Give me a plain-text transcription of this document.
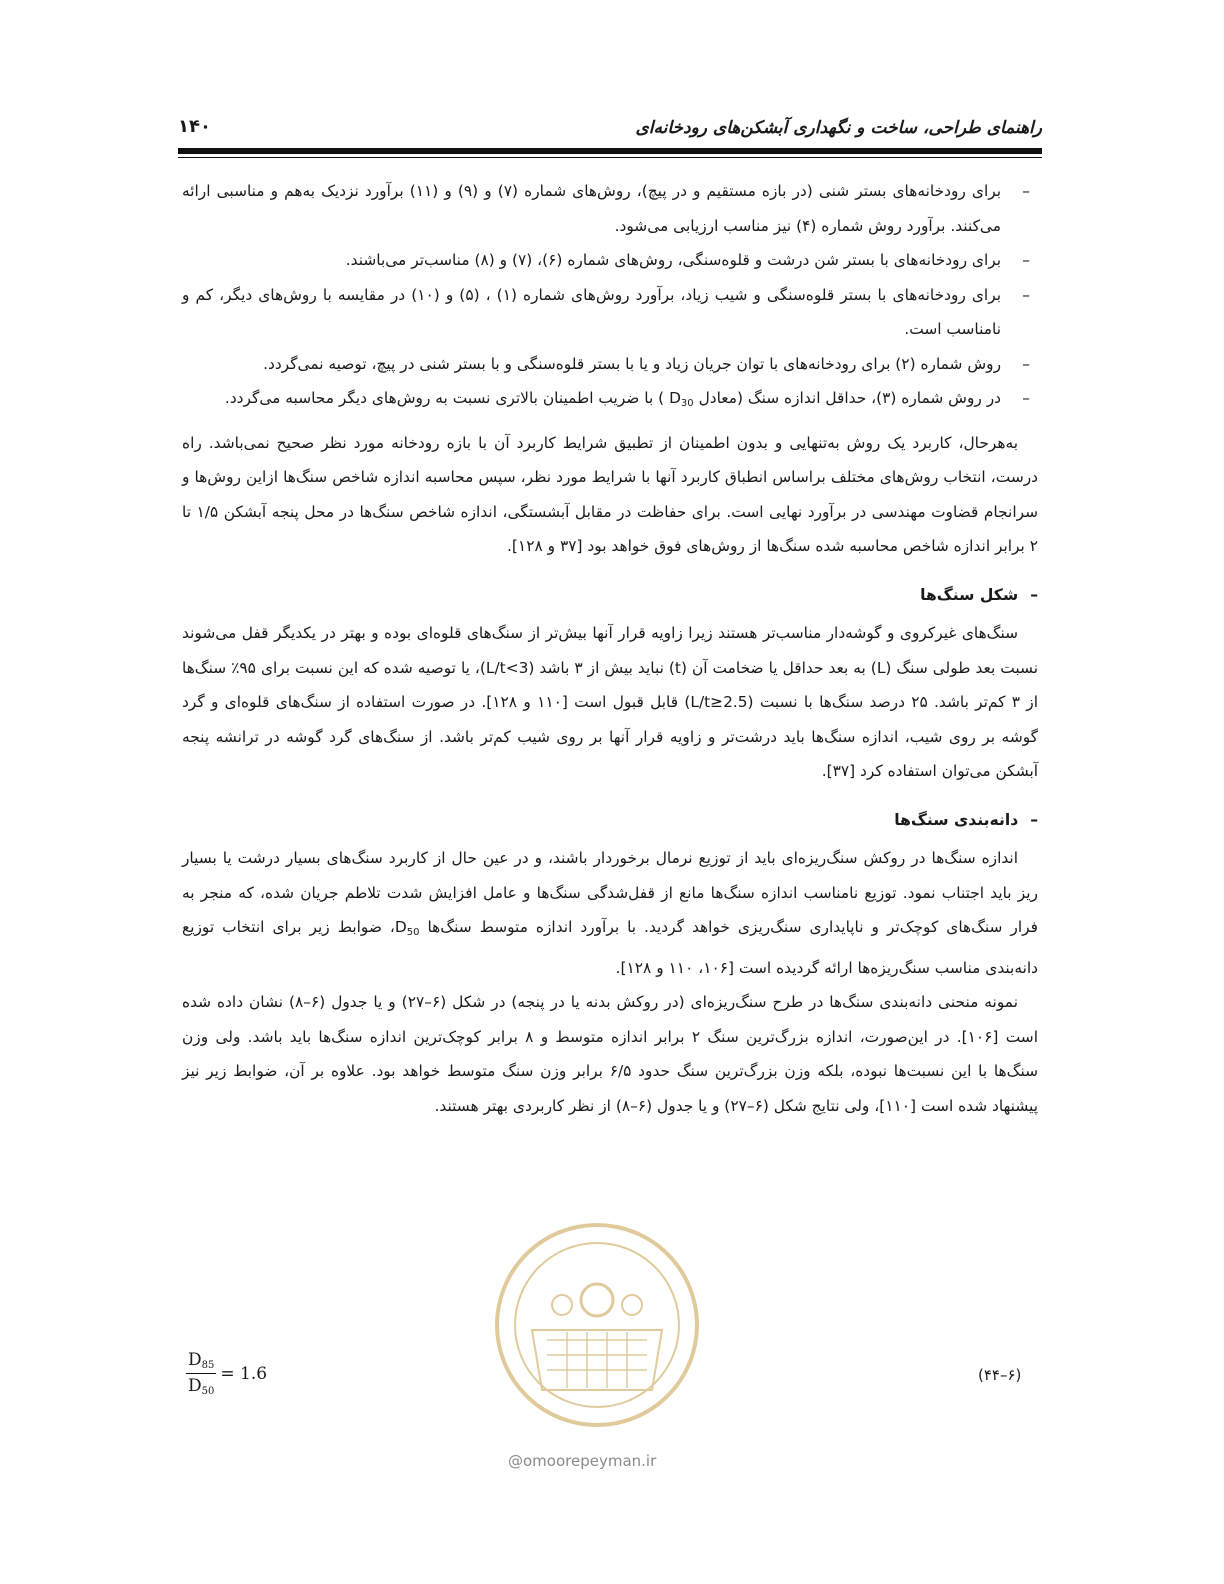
راهنمای طراحی، ساخت و نگهداری آبشکن‌های رودخانه‌ای
۱۴۰
–
برای رودخانه‌های بستر شنی (در بازه مستقیم و در پیچ)، روش‌های شماره (۷) و (۹) و (۱۱) برآورد نزدیک به‌هم و مناسبی ارائه می‌کنند. برآورد روش شماره (۴) نیز مناسب ارزیابی می‌شود.
–
برای رودخانه‌های با بستر شن درشت و قلوه‌سنگی، روش‌های شماره (۶)، (۷) و (۸) مناسب‌تر می‌باشند.
–
برای رودخانه‌های با بستر قلوه‌سنگی و شیب زیاد، برآورد روش‌های شماره (۱) ، (۵) و (۱۰) در مقایسه با روش‌های دیگر، کم و نامناسب است.
–
روش شماره (۲) برای رودخانه‌های با توان جریان زیاد و یا با بستر قلوه‌سنگی و با بستر شنی در پیچ، توصیه نمی‌گردد.
–
در روش شماره (۳)، حداقل اندازه سنگ (معادل $D_{30}$ ) با ضریب اطمینان بالاتری نسبت به روش‌های دیگر محاسبه می‌گردد.

به‌هرحال، کاربرد یک روش به‌تنهایی و بدون اطمینان از تطبیق شرایط کاربرد آن با بازه رودخانه مورد نظر صحیح نمی‌باشد. راه درست، انتخاب روش‌های مختلف براساس انطباق کاربرد آنها با شرایط مورد نظر، سپس محاسبه اندازه شاخص سنگ‌ها ازاین روش‌ها و سرانجام قضاوت مهندسی در برآورد نهایی است. برای حفاظت در مقابل آبشستگی، اندازه شاخص سنگ‌ها در محل پنجه آبشکن ۱/۵ تا ۲ برابر اندازه شاخص محاسبه شده سنگ‌ها از روش‌های فوق خواهد بود [۳۷ و ۱۲۸].

–شکل سنگ‌ها

سنگ‌های غیرکروی و گوشه‌دار مناسب‌تر هستند زیرا زاویه قرار آنها بیش‌تر از سنگ‌های قلوه‌ای بوده و بهتر در یکدیگر قفل می‌شوند نسبت بعد طولی سنگ (L) به بعد حداقل یا ضخامت آن (t) نباید بیش از ۳ باشد (L/t<3)، یا توصیه شده که این نسبت برای ۹۵٪ سنگ‌ها از ۳ کم‌تر باشد. ۲۵ درصد سنگ‌ها با نسبت (L/t≥2.5) قابل قبول است [۱۱۰ و ۱۲۸]. در صورت استفاده از سنگ‌های قلوه‌ای و گرد گوشه بر روی شیب، اندازه سنگ‌ها باید درشت‌تر و زاویه قرار آنها بر روی شیب کم‌تر باشد. از سنگ‌های گرد گوشه در ترانشه پنجه آبشکن می‌توان استفاده کرد [۳۷].

–دانه‌بندی سنگ‌ها

اندازه سنگ‌ها در روکش سنگ‌ریزه‌ای باید از توزیع نرمال برخوردار باشند، و در عین حال از کاربرد سنگ‌های بسیار درشت یا بسیار ریز باید اجتناب نمود. توزیع نامناسب اندازه سنگ‌ها مانع از قفل‌شدگی سنگ‌ها و عامل افزایش شدت تلاطم جریان شده، که منجر به فرار سنگ‌های کوچک‌تر و ناپایداری سنگ‌ریزی خواهد گردید. با برآورد اندازه متوسط سنگ‌ها $D_{50}،$ ضوابط زیر برای انتخاب توزیع دانه‌بندی مناسب سنگ‌ریزه‌ها ارائه گردیده است [۱۰۶، ۱۱۰ و ۱۲۸].

نمونه منحنی دانه‌بندی سنگ‌ها در طرح سنگ‌ریزه‌ای (در روکش بدنه یا در پنجه) در شکل (۶–۲۷) و یا جدول (۶–۸) نشان داده شده است [۱۰۶]. در این‌صورت، اندازه بزرگ‌ترین سنگ ۲ برابر اندازه متوسط و ۸ برابر کوچک‌ترین اندازه سنگ‌ها باید باشد. ولی وزن سنگ‌ها با این نسبت‌ها نبوده، بلکه وزن بزرگ‌ترین سنگ حدود ۶/۵ برابر وزن سنگ متوسط خواهد بود. علاوه بر آن، ضوابط زیر نیز پیشنهاد شده است [۱۱۰]، ولی نتایج شکل (۶–۲۷) و یا جدول (۶–۸) از نظر کاربردی بهتر هستند.

$\frac{D_{85}}{D_{50}} = 1.6$	(۶–۴۴)
@omoorepeyman.ir
